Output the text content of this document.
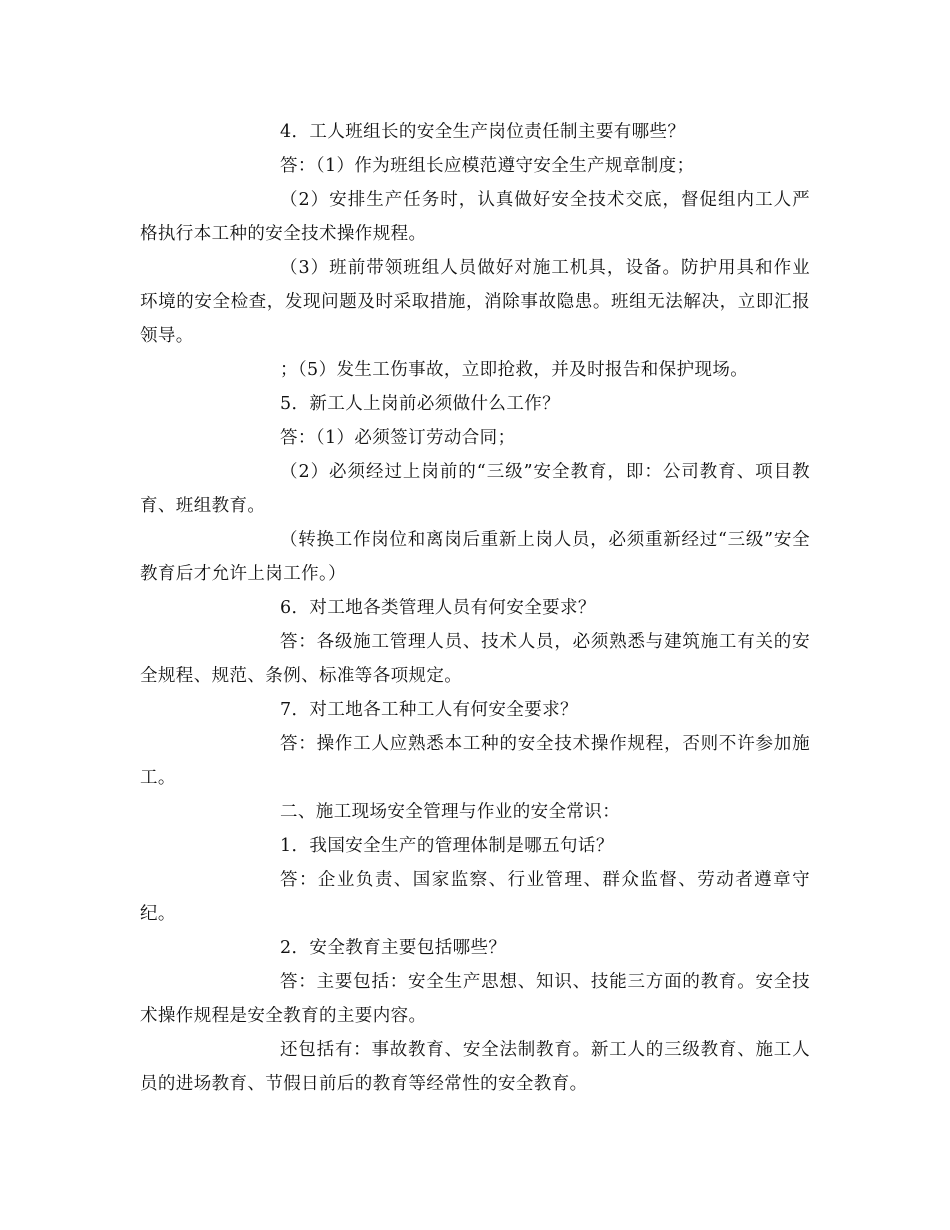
4．工人班组长的安全生产岗位责任制主要有哪些？

答：（1）作为班组长应模范遵守安全生产规章制度；

（2）安排生产任务时，认真做好安全技术交底，督促组内工人严格执行本工种的安全技术操作规程。

（3）班前带领班组人员做好对施工机具，设备。防护用具和作业环境的安全检查，发现问题及时采取措施，消除事故隐患。班组无法解决，立即汇报领导。

；（5）发生工伤事故，立即抢救，并及时报告和保护现场。

5．新工人上岗前必须做什么工作？

答：（1）必须签订劳动合同；

（2）必须经过上岗前的“三级”安全教育，即：公司教育、项目教育、班组教育。

（转换工作岗位和离岗后重新上岗人员，必须重新经过“三级”安全教育后才允许上岗工作。）

6．对工地各类管理人员有何安全要求？

答：各级施工管理人员、技术人员，必须熟悉与建筑施工有关的安全规程、规范、条例、标准等各项规定。

7．对工地各工种工人有何安全要求？

答：操作工人应熟悉本工种的安全技术操作规程，否则不许参加施工。

二、施工现场安全管理与作业的安全常识：

1．我国安全生产的管理体制是哪五句话？

答：企业负责、国家监察、行业管理、群众监督、劳动者遵章守纪。

2．安全教育主要包括哪些？

答：主要包括：安全生产思想、知识、技能三方面的教育。安全技术操作规程是安全教育的主要内容。

还包括有：事故教育、安全法制教育。新工人的三级教育、施工人员的进场教育、节假日前后的教育等经常性的安全教育。
